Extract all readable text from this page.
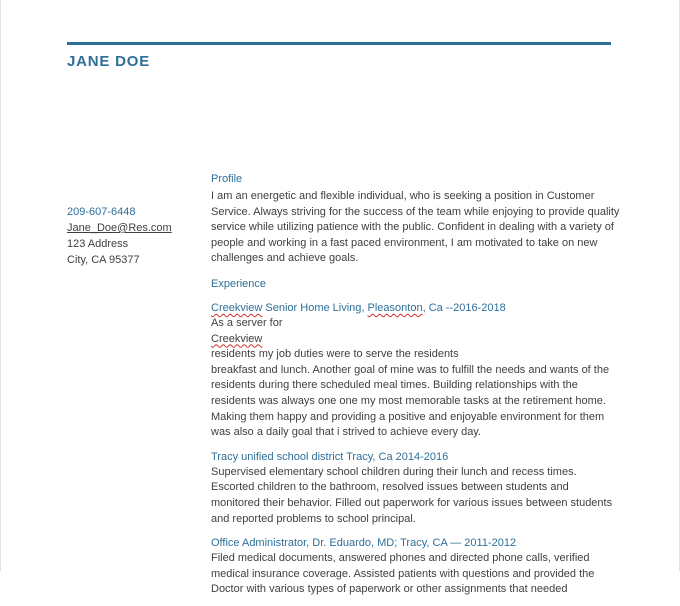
JANE DOE
209-607-6448
Jane_Doe@Res.com
123 Address
City, CA 95377
Profile
I am an energetic and flexible individual, who is seeking a position in Customer
Service. Always striving for the success of the team while enjoying to provide quality
service while utilizing patience with the public. Confident in dealing with a variety of
people and working in a fast paced environment, I am motivated to take on new
challenges and achieve goals.
Experience
Creekview Senior Home Living, Pleasonton, Ca --2016-2018
As a server for
Creekview
residents my job duties were to serve the residents
breakfast and lunch. Another goal of mine was to fulfill the needs and wants of the
residents during there scheduled meal times. Building relationships with the
residents was always one one my most memorable tasks at the retirement home.
Making them happy and providing a positive and enjoyable environment for them
was also a daily goal that i strived to achieve every day.
Tracy unified school district Tracy, Ca 2014-2016
Supervised elementary school children during their lunch and recess times.
Escorted children to the bathroom, resolved issues between students and
monitored their behavior. Filled out paperwork for various issues between students
and reported problems to school principal.
Office Administrator, Dr. Eduardo, MD; Tracy, CA — 2011-2012
Filed medical documents, answered phones and directed phone calls, verified
medical insurance coverage. Assisted patients with questions and provided the
Doctor with various types of paperwork or other assignments that needed
